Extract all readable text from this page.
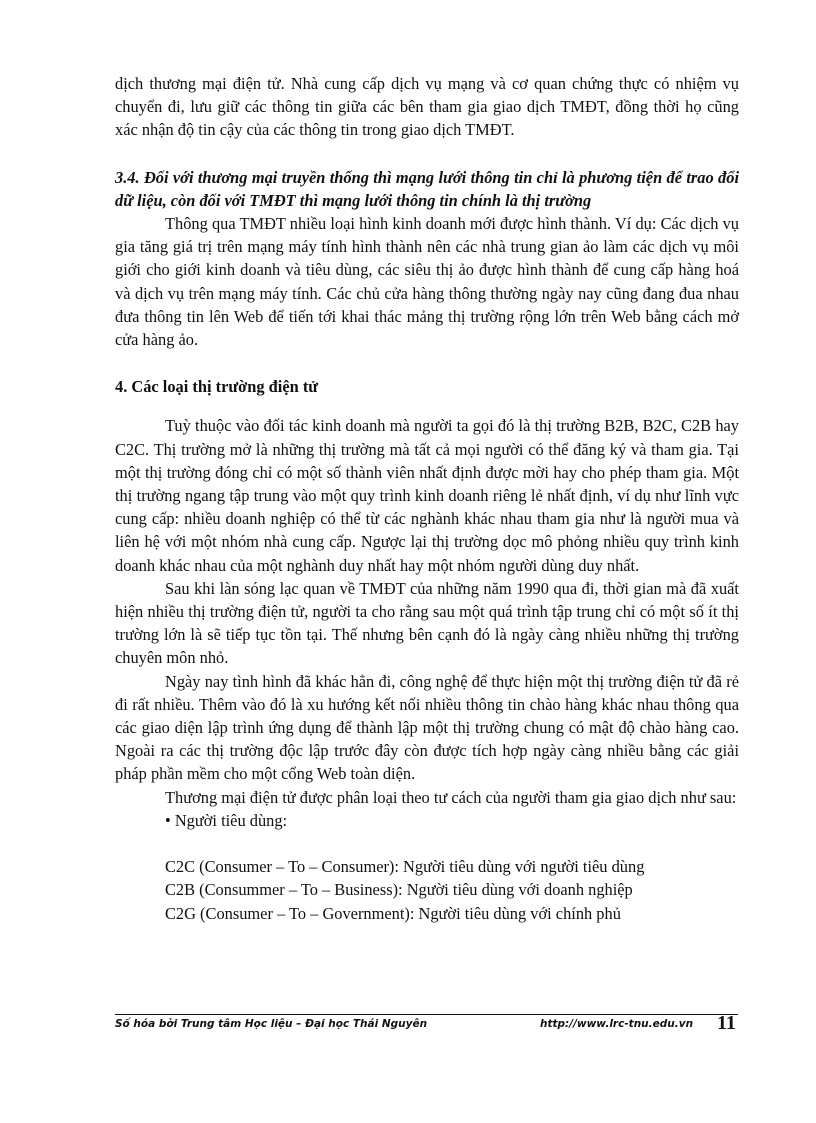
dịch thương mại điện tử. Nhà cung cấp dịch vụ mạng và cơ quan chứng thực có nhiệm vụ chuyển đi, lưu giữ các thông tin giữa các bên tham gia giao dịch TMĐT, đồng thời họ cũng xác nhận độ tin cậy của các thông tin trong giao dịch TMĐT.

3.4. Đối với thương mại truyền thống thì mạng lưới thông tin chỉ là phương tiện để trao đổi dữ liệu, còn đối với TMĐT thì mạng lưới thông tin chính là thị trường

Thông qua TMĐT nhiều loại hình kinh doanh mới được hình thành. Ví dụ: Các dịch vụ gia tăng giá trị trên mạng máy tính hình thành nên các nhà trung gian ảo làm các dịch vụ môi giới cho giới kinh doanh và tiêu dùng, các siêu thị ảo được hình thành để cung cấp hàng hoá và dịch vụ trên mạng máy tính. Các chủ cửa hàng thông thường ngày nay cũng đang đua nhau đưa thông tin lên Web để tiến tới khai thác mảng thị trường rộng lớn trên Web bằng cách mở cửa hàng ảo.

4. Các loại thị trường điện tử

Tuỳ thuộc vào đối tác kinh doanh mà người ta gọi đó là thị trường B2B, B2C, C2B hay C2C. Thị trường mở là những thị trường mà tất cả mọi người có thể đăng ký và tham gia. Tại một thị trường đóng chỉ có một số thành viên nhất định được mời hay cho phép tham gia. Một thị trường ngang tập trung vào một quy trình kinh doanh riêng lẻ nhất định, ví dụ như lĩnh vực cung cấp: nhiều doanh nghiệp có thể từ các nghành khác nhau tham gia như là người mua và liên hệ với một nhóm nhà cung cấp. Ngược lại thị trường dọc mô phỏng nhiều quy trình kinh doanh khác nhau của một nghành duy nhất hay một nhóm người dùng duy nhất.

Sau khi làn sóng lạc quan về TMĐT của những năm 1990 qua đi, thời gian mà đã xuất hiện nhiều thị trường điện tử, người ta cho rằng sau một quá trình tập trung chỉ có một số ít thị trường lớn là sẽ tiếp tục tồn tại. Thế nhưng bên cạnh đó là ngày càng nhiều những thị trường chuyên môn nhỏ.

Ngày nay tình hình đã khác hẳn đi, công nghệ để thực hiện một thị trường điện tử đã rẻ đi rất nhiều. Thêm vào đó là xu hướng kết nối nhiều thông tin chào hàng khác nhau thông qua các giao diện lập trình ứng dụng để thành lập một thị trường chung có mật độ chào hàng cao. Ngoài ra các thị trường độc lập trước đây còn được tích hợp ngày càng nhiều bằng các giải pháp phần mềm cho một cổng Web toàn diện.

Thương mại điện tử được phân loại theo tư cách của người tham gia giao dịch như sau:

• Người tiêu dùng:

C2C (Consumer – To – Consumer): Người tiêu dùng với người tiêu dùng

C2B (Consummer – To – Business): Người tiêu dùng với doanh nghiệp

C2G (Consumer – To – Government): Người tiêu dùng với chính phủ

Số hóa bởi Trung tâm Học liệu – Đại học Thái Nguyên	http://www.lrc-tnu.edu.vn 11
